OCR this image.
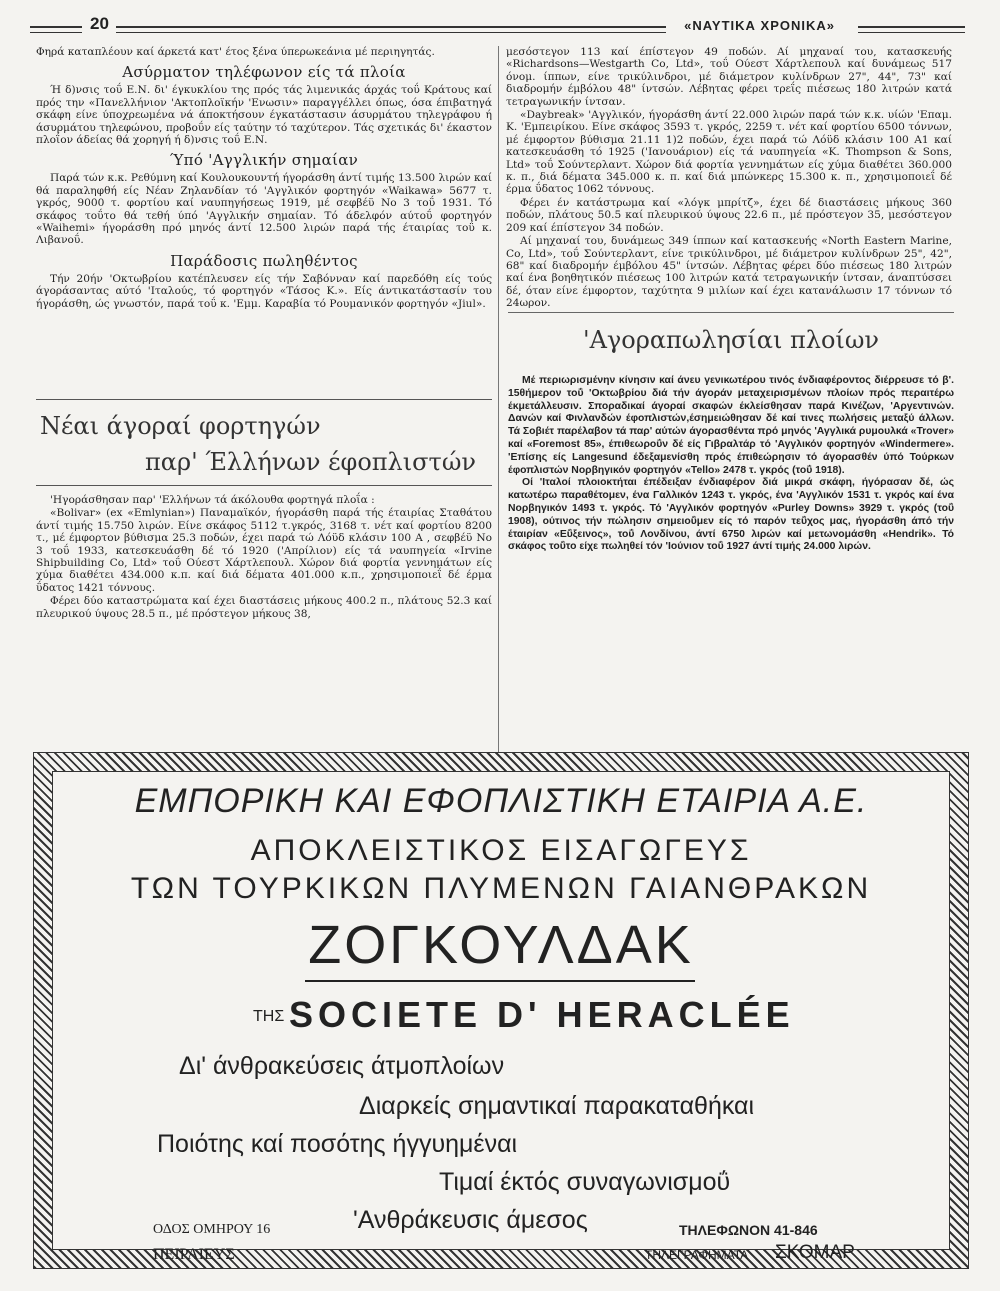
20	«ΝΑΥΤΙΚΑ ΧΡΟΝΙΚΑ»

Φηρά καταπλέουν καί άρκετά κατ' έτος ξένα ύπερωκεάνια μέ περιηγητάς.

Ασύρματον τηλέφωνον είς τά πλοία

Ή δ)νσις τοΰ Ε.Ν. δι' έγκυκλίου της πρός τάς λιμενικάς άρχάς τοΰ Κράτους καί πρός την «Πανελλήνιον 'Ακτοπλοϊκήν 'Ενωσιν» παραγγέλλει όπως, όσα έπιβατηγά σκάφη είνε ύποχρεωμένα νά άποκτήσουν έγκατάστασιν άσυρμάτου τηλεγράφου ή άσυρμάτου τηλεφώνου, προβοΰν είς ταύτην τό ταχύτερον. Τάς σχετικάς δι' έκαστον πλοΐον άδείας θά χορηγή ή δ)νσις τοΰ Ε.Ν.

Ύπό 'Αγγλικήν σημαίαν

Παρά τών κ.κ. Ρεθύμνη καί Κουλουκουντή ήγοράσθη άντί τιμής 13.500 λιρών καί θά παραληφθή είς Νέαν Ζηλανδίαν τό 'Αγγλικόν φορτηγόν «Waikawa» 5677 τ. γκρός, 9000 τ. φορτίου καί ναυπηγήσεως 1919, μέ σεφβέϋ Νο 3 τοΰ 1931. Τό σκάφος τοΰτο θά τεθή ύπό 'Αγγλικήν σημαίαν. Τό άδελφόν αύτοΰ φορτηγόν «Waihemi» ήγοράσθη πρό μηνός άντί 12.500 λιρών παρά τής έταιρίας τοΰ κ. Λιβανοΰ.

Παράδοσις πωληθέντος

Τήν 20ήν 'Οκτωβρίου κατέπλευσεν είς τήν Σαβόνναν καί παρεδόθη είς τούς άγοράσαντας αύτό 'Ιταλούς, τό φορτηγόν «Τάσος Κ.». Είς άντικατάστασίν του ήγοράσθη, ώς γνωστόν, παρά τοΰ κ. 'Εμμ. Καραβία τό Ρουμανικόν φορτηγόν «Jiul».

Νέαι άγοραί φορτηγών
παρ' Έλλήνων έφοπλιστών

'Ηγοράσθησαν παρ' 'Ελλήνων τά άκόλουθα φορτηγά πλοΐα :

«Bolivar» (ex «Emlynian») Παναμαϊκόν, ήγοράσθη παρά τής έταιρίας Σταθάτου άντί τιμής 15.750 λιρών. Είνε σκάφος 5112 τ.γκρός, 3168 τ. νέτ καί φορτίου 8200 τ., μέ έμφορτον βύθισμα 25.3 ποδών, έχει παρά τώ Λόϋδ κλάσιν 100 Α , σεφβέϋ Νο 3 τοΰ 1933, κατεσκευάσθη δέ τό 1920 ('Απρίλιον) είς τά ναυπηγεία «Irvine Shipbuilding Co, Ltd» τοΰ Ούεστ Χάρτλεπουλ. Χώρον διά φορτία γεννημάτων είς χύμα διαθέτει 434.000 κ.π. καί διά δέματα 401.000 κ.π., χρησιμοποιεΐ δέ έρμα ΰδατος 1421 τόννους.

Φέρει δύο καταστρώματα καί έχει διαστάσεις μήκους 400.2 π., πλάτους 52.3 καί πλευρικού ύψους 28.5 π., μέ πρόστεγον μήκους 38,

μεσόστεγον 113 καί έπίστεγον 49 ποδών. Αί μηχαναί του, κατασκευής «Richardsons—Westgarth Co, Ltd», τοΰ Ούεστ Χάρτλεπουλ καί δυνάμεως 517 όνομ. ίππων, είνε τρικύλινδροι, μέ διάμετρον κυλίνδρων 27", 44", 73" καί διαδρομήν έμβόλου 48" ίντσών. Λέβητας φέρει τρεΐς πιέσεως 180 λιτρών κατά τετραγωνικήν ίντσαν.

«Daybreak» 'Αγγλικόν, ήγοράσθη άντί 22.000 λιρών παρά τών κ.κ. υίών 'Επαμ. Κ. 'Εμπειρίκου. Είνε σκάφος 3593 τ. γκρός, 2259 τ. νέτ καί φορτίου 6500 τόννων, μέ έμφορτον βύθισμα 21.11 1)2 ποδών, έχει παρά τώ Λόϋδ κλάσιν 100 Α1 καί κατεσκευάσθη τό 1925 ('Ιανουάριον) είς τά ναυπηγεία «Κ. Thompson & Sons, Ltd» τοΰ Σούντερλαντ. Χώρον διά φορτία γεννημάτων είς χύμα διαθέτει 360.000 κ. π., διά δέματα 345.000 κ. π. καί διά μπώνκερς 15.300 κ. π., χρησιμοποιεΐ δέ έρμα ΰδατος 1062 τόννους.

Φέρει έν κατάστρωμα καί «λόγκ μπρίτζ», έχει δέ διαστάσεις μήκους 360 ποδών, πλάτους 50.5 καί πλευρικού ύψους 22.6 π., μέ πρόστεγον 35, μεσόστεγον 209 καί έπίστεγον 34 ποδών.

Αί μηχαναί του, δυνάμεως 349 ίππων καί κατασκευής «North Eastern Marine, Co, Ltd», τοΰ Σούντερλαντ, είνε τρικύλινδροι, μέ διάμετρον κυλίνδρων 25", 42", 68" καί διαδρομήν έμβόλου 45" ίντσών. Λέβητας φέρει δύο πιέσεως 180 λιτρών καί ένα βοηθητικόν πιέσεως 100 λιτρών κατά τετραγωνικήν ίντσαν, άναπτύσσει δέ, όταν είνε έμφορτον, ταχύτητα 9 μιλίων καί έχει κατανάλωσιν 17 τόννων τό 24ωρον.

'Αγοραπωλησίαι πλοίων

Μέ περιωρισμένην κίνησιν καί άνευ γενικωτέρου τινός ένδιαφέροντος διέρρευσε τό β'. 15θήμερον τοΰ 'Οκτωβρίου διά τήν άγοράν μεταχειρισμένων πλοίων πρός περαιτέρω έκμετάλλευσιν. Σποραδικαί άγοραί σκαφών έκλείσθησαν παρά Κινέζων, 'Αργεντινών. Δανών καί Φινλανδών έφοπλιστών,έσημειώθησαν δέ καί τινες πωλήσεις μεταξύ άλλων. Τά Σοβιέτ παρέλαβον τά παρ' αύτών άγορασθέντα πρό μηνός 'Αγγλικά ρυμουλκά «Trover» καί «Foremost 85», έπιθεωροΰν δέ είς Γιβραλτάρ τό 'Αγγλικόν φορτηγόν «Windermere». 'Επίσης είς Langesund έδεξαμενίσθη πρός έπιθεώρησιν τό άγορασθέν ύπό Τούρκων έφοπλιστών Νορβηγικόν φορτηγόν «Tello» 2478 τ. γκρός (τοΰ 1918).

Οί 'Ιταλοί πλοιοκτήται έπέδειξαν ένδιαφέρον διά μικρά σκάφη, ήγόρασαν δέ, ώς κατωτέρω παραθέτομεν, ένα Γαλλικόν 1243 τ. γκρός, ένα 'Αγγλικόν 1531 τ. γκρός καί ένα Νορβηγικόν 1493 τ. γκρός. Τό 'Αγγλικόν φορτηγόν «Purley Downs» 3929 τ. γκρός (τοΰ 1908), ούτινος τήν πώλησιν σημειοΰμεν είς τό παρόν τεΰχος μας, ήγοράσθη άπό τήν έταιρίαν «Εΰξεινος», τοΰ Λονδίνου, άντί 6750 λιρών καί μετωνομάσθη «Hendrik». Τό σκάφος τοΰτο είχε πωληθεί τόν 'Ιούνιον τοΰ 1927 άντί τιμής 24.000 λιρών.

ΕΜΠΟΡΙΚΗ ΚΑΙ ΕΦΟΠΛΙΣΤΙΚΗ ΕΤΑΙΡΙΑ Α.Ε.
ΑΠΟΚΛΕΙΣΤΙΚΟΣ ΕΙΣΑΓΩΓΕΥΣ
ΤΩΝ ΤΟΥΡΚΙΚΩΝ ΠΛΥΜΕΝΩΝ ΓΑΙΑΝΘΡΑΚΩΝ
ΖΟΓΚΟΥΛΔΑΚ
ΤΗΣ SOCIETE D' HERACLÉE
Δι' άνθρακεύσεις άτμοπλοίων
Διαρκείς σημαντικαί παρακαταθήκαι
Ποιότης καί ποσότης ήγγυημέναι
Τιμαί έκτός συναγωνισμοΰ
'Ανθράκευσις άμεσος
ΟΔΟΣ ΟΜΗΡΟΥ 16
ΠΕΙΡΑΙΕΥΣ
ΤΗΛΕΦΩΝΟΝ 41-846
ΤΗΛΕΓΡΑΦΗΜΑΤΑ ΣΚΟΜΑΡ
